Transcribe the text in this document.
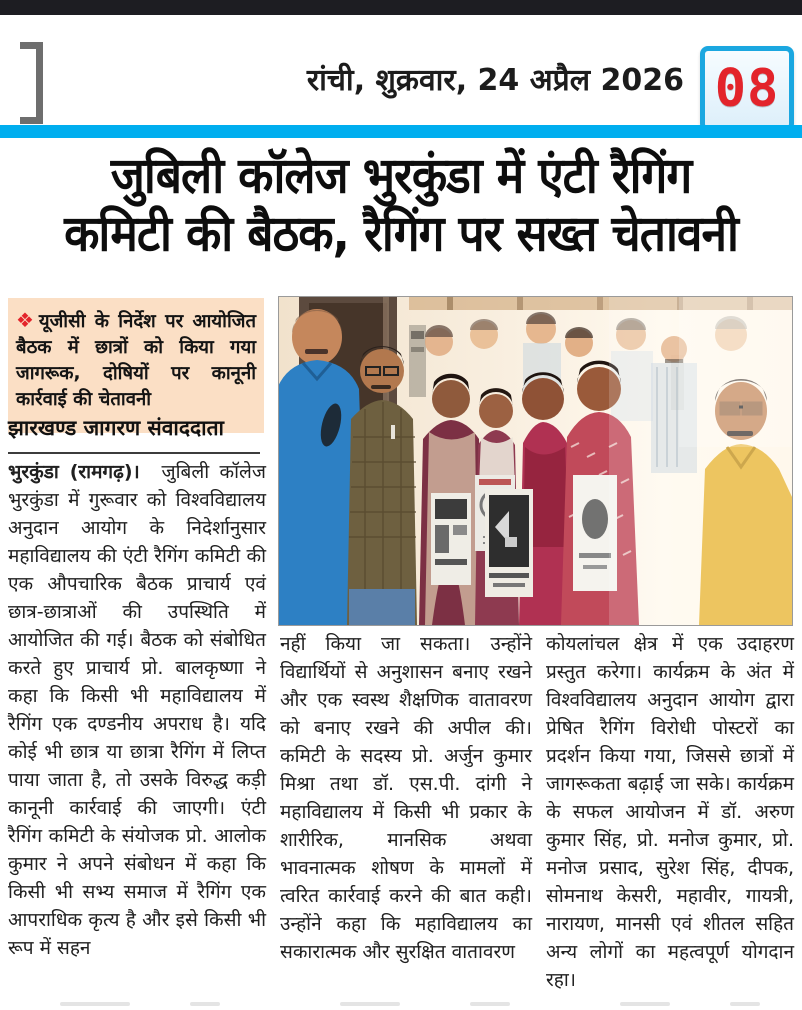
रांची, शुक्रवार, 24 अप्रैल 2026 08
जुबिली कॉलेज भुरकुंडा में एंटी रैगिंग
कमिटी की बैठक, रैगिंग पर सख्त चेतावनी
❖ यूजीसी के निर्देश पर आयोजित बैठक में छात्रों को किया गया जागरूक, दोषियों पर कानूनी कार्रवाई की चेतावनी
झारखण्ड जागरण संवाददाता
भुरकुंडा (रामगढ़)।  जुबिली कॉलेज भुरकुंडा में गुरूवार को विश्वविद्यालय अनुदान आयोग के निदेर्शानुसार महाविद्यालय की एंटी रैगिंग कमिटी की एक औपचारिक बैठक प्राचार्य एवं छात्र-छात्राओं की उपस्थिति में आयोजित की गई। बैठक को संबोधित करते हुए प्राचार्य प्रो. बालकृष्णा ने कहा कि किसी भी महाविद्यालय में रैगिंग एक दण्डनीय अपराध है। यदि कोई भी छात्र या छात्रा रैगिंग में लिप्त पाया जाता है, तो उसके विरुद्ध कड़ी कानूनी कार्रवाई की जाएगी। एंटी रैगिंग कमिटी के संयोजक प्रो. आलोक कुमार ने अपने संबोधन में कहा कि किसी भी सभ्य समाज में रैगिंग एक आपराधिक कृत्य है और इसे किसी भी रूप में सहन
नहीं किया जा सकता। उन्होंने विद्यार्थियों से अनुशासन बनाए रखने और एक स्वस्थ शैक्षणिक वातावरण को बनाए रखने की अपील की। कमिटी के सदस्य प्रो. अर्जुन कुमार मिश्रा तथा डॉ. एस.पी. दांगी ने महाविद्यालय में किसी भी प्रकार के शारीरिक, मानसिक अथवा भावनात्मक शोषण के मामलों में त्वरित कार्रवाई करने की बात कही। उन्होंने कहा कि महाविद्यालय का सकारात्मक और सुरक्षित वातावरण
कोयलांचल क्षेत्र में एक उदाहरण प्रस्तुत करेगा। कार्यक्रम के अंत में विश्वविद्यालय अनुदान आयोग द्वारा प्रेषित रैगिंग विरोधी पोस्टरों का प्रदर्शन किया गया, जिससे छात्रों में जागरूकता बढ़ाई जा सके। कार्यक्रम के सफल आयोजन में डॉ. अरुण कुमार सिंह, प्रो. मनोज कुमार, प्रो. मनोज प्रसाद, सुरेश सिंह, दीपक, सोमनाथ केसरी, महावीर, गायत्री, नारायण, मानसी एवं शीतल सहित अन्य लोगों का महत्वपूर्ण योगदान रहा।
